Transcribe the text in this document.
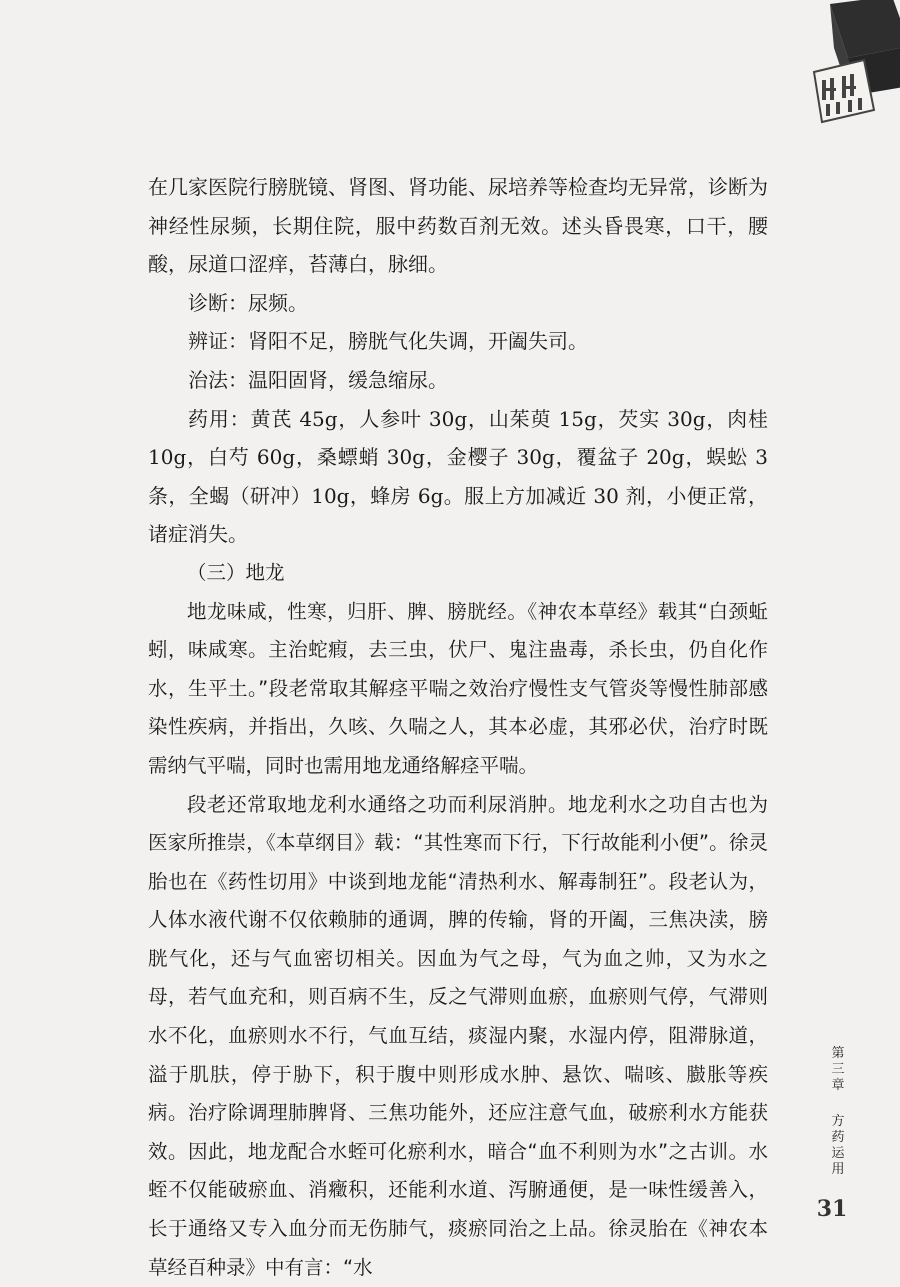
在几家医院行膀胱镜、肾图、肾功能、尿培养等检查均无异常，诊断为神经性尿频，长期住院，服中药数百剂无效。述头昏畏寒，口干，腰酸，尿道口涩痒，苔薄白，脉细。

诊断：尿频。

辨证：肾阳不足，膀胱气化失调，开阖失司。

治法：温阳固肾，缓急缩尿。

药用：黄芪 45g，人参叶 30g，山茱萸 15g，芡实 30g，肉桂 10g，白芍 60g，桑螵蛸 30g，金樱子 30g，覆盆子 20g，蜈蚣 3 条，全蝎（研冲）10g，蜂房 6g。服上方加减近 30 剂，小便正常，诸症消失。

（三）地龙

地龙味咸，性寒，归肝、脾、膀胱经。《神农本草经》载其“白颈蚯蚓，味咸寒。主治蛇瘕，去三虫，伏尸、鬼注蛊毒，杀长虫，仍自化作水，生平土。”段老常取其解痉平喘之效治疗慢性支气管炎等慢性肺部感染性疾病，并指出，久咳、久喘之人，其本必虚，其邪必伏，治疗时既需纳气平喘，同时也需用地龙通络解痉平喘。

段老还常取地龙利水通络之功而利尿消肿。地龙利水之功自古也为医家所推崇，《本草纲目》载：“其性寒而下行，下行故能利小便”。徐灵胎也在《药性切用》中谈到地龙能“清热利水、解毒制狂”。段老认为，人体水液代谢不仅依赖肺的通调，脾的传输，肾的开阖，三焦决渎，膀胱气化，还与气血密切相关。因血为气之母，气为血之帅，又为水之母，若气血充和，则百病不生，反之气滞则血瘀，血瘀则气停，气滞则水不化，血瘀则水不行，气血互结，痰湿内聚，水湿内停，阻滞脉道，溢于肌肤，停于胁下，积于腹中则形成水肿、悬饮、喘咳、臌胀等疾病。治疗除调理肺脾肾、三焦功能外，还应注意气血，破瘀利水方能获效。因此，地龙配合水蛭可化瘀利水，暗合“血不利则为水”之古训。水蛭不仅能破瘀血、消癥积，还能利水道、泻腑通便，是一味性缓善入，长于通络又专入血分而无伤肺气，痰瘀同治之上品。徐灵胎在《神农本草经百种录》中有言：“水

第
三
章
方
药
运
用
31
